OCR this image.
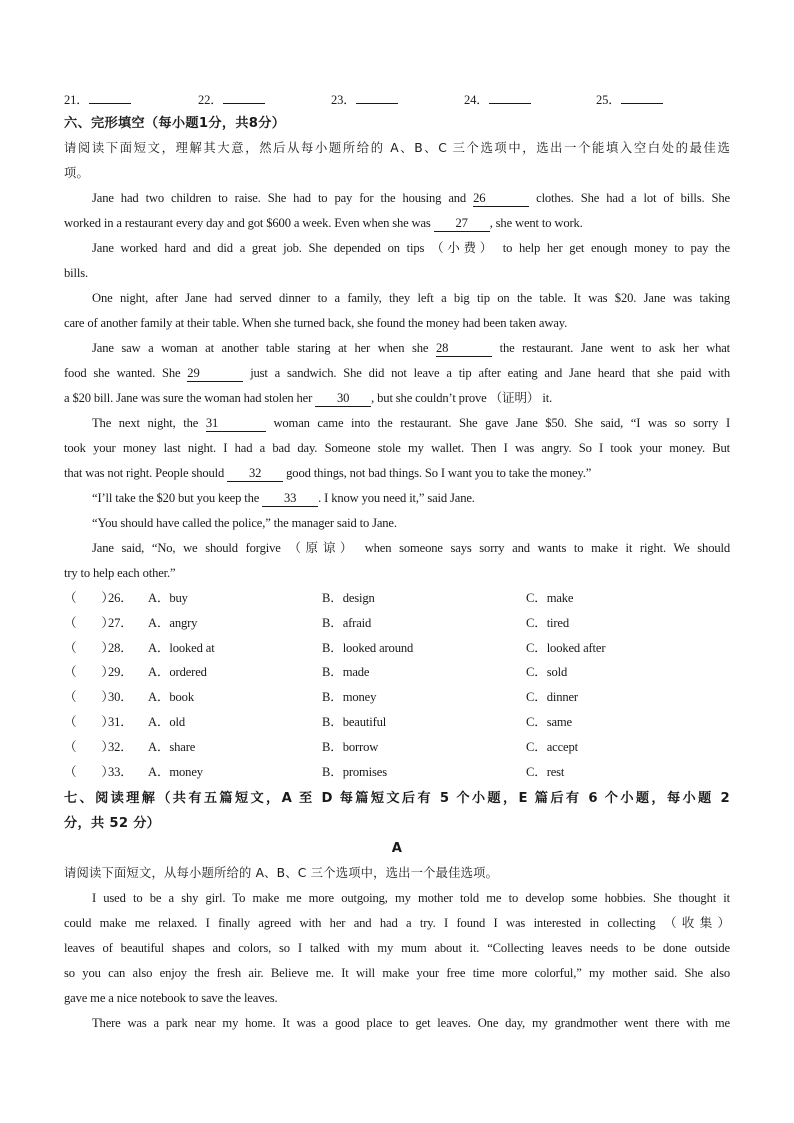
21．	22．	23．	24．	25．
六、完形填空（每小题1分，共8分）
请阅读下面短文，理解其大意，然后从每小题所给的 A、B、C 三个选项中，选出一个能填入空白处的最佳选
项。
Jane had two children to raise. She had to pay for the housing and 26	clothes. She had a lot of bills. She
worked in a restaurant every day and got $600 a week. Even when she was 27 , she went to work.
Jane worked hard and did a great job. She depended on tips （小费） to help her get enough money to pay the
bills.
One night, after Jane had served dinner to a family, they left a big tip on the table. It was $20. Jane was taking
care of another family at their table. When she turned back, she found the money had been taken away.
Jane saw a woman at another table staring at her when she 28	the restaurant. Jane went to ask her what
food she wanted. She 29	just a sandwich. She did not leave a tip after eating and Jane heard that she paid with
a $20 bill. Jane was sure the woman had stolen her 30 , but she couldn’t prove （证明） it.
The next night, the 31	woman came into the restaurant. She gave Jane $50. She said, “I was so sorry I
took your money last night. I had a bad day. Someone stole my wallet. Then I was angry. So I took your money. But
that was not right. People should 32 good things, not bad things. So I want you to take the money.”
“I’ll take the $20 but you keep the 33 . I know you need it,” said Jane.
“You should have called the police,” the manager said to Jane.
Jane said, “No, we should forgive （原谅） when someone says sorry and wants to make it right. We should
try to help each other.”
（　　）
26． A．buy	B．design	C．make
（　　）
27． A．angry	B．afraid	C．tired
（　　）
28． A．looked at	B．looked around	C．looked after
（　　）
29． A．ordered	B．made	C．sold
（　　）
30． A．book	B．money	C．dinner
（　　）
31． A．old	B．beautiful	C．same
（　　）
32． A．share	B．borrow	C．accept
（　　）
33． A．money	B．promises	C．rest
七、阅读理解（共有五篇短文，A 至 D 每篇短文后有 5 个小题，E 篇后有 6 个小题，每小题 2
分，共 52 分）
A
请阅读下面短文，从每小题所给的 A、B、C 三个选项中，选出一个最佳选项。
I used to be a shy girl. To make me more outgoing, my mother told me to develop some hobbies. She thought it
could make me relaxed. I finally agreed with her and had a try. I found I was interested in collecting （收集）
leaves of beautiful shapes and colors, so I talked with my mum about it. “Collecting leaves needs to be done outside
so you can also enjoy the fresh air. Believe me. It will make your free time more colorful,” my mother said. She also
gave me a nice notebook to save the leaves.
There was a park near my home. It was a good place to get leaves. One day, my grandmother went there with me
